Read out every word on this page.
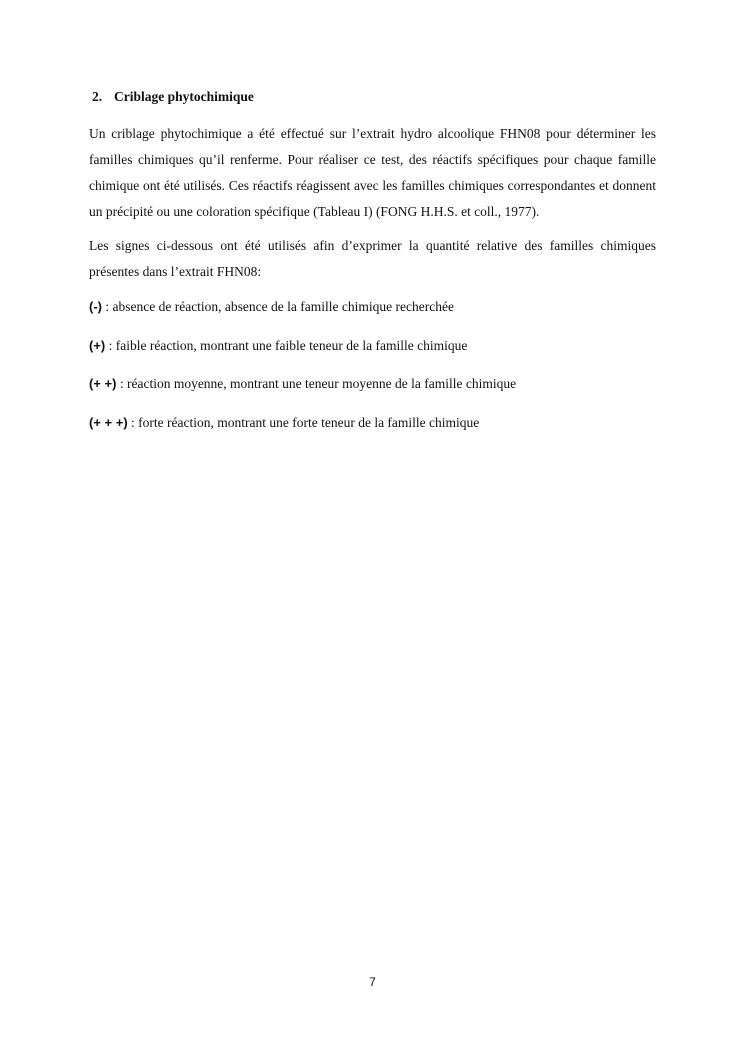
2. Criblage phytochimique

Un criblage phytochimique a été effectué sur l’extrait hydro alcoolique FHN08 pour déterminer les familles chimiques qu’il renferme. Pour réaliser ce test, des réactifs spécifiques pour chaque famille chimique ont été utilisés. Ces réactifs réagissent avec les familles chimiques correspondantes et donnent un précipité ou une coloration spécifique (Tableau I) (FONG H.H.S. et coll., 1977).

Les signes ci-dessous ont été utilisés afin d’exprimer la quantité relative des familles chimiques présentes dans l’extrait FHN08:

(-) : absence de réaction, absence de la famille chimique recherchée
(+) : faible réaction, montrant une faible teneur de la famille chimique
(+ +) : réaction moyenne, montrant une teneur moyenne de la famille chimique
(+ + +) : forte réaction, montrant une forte teneur de la famille chimique
7
